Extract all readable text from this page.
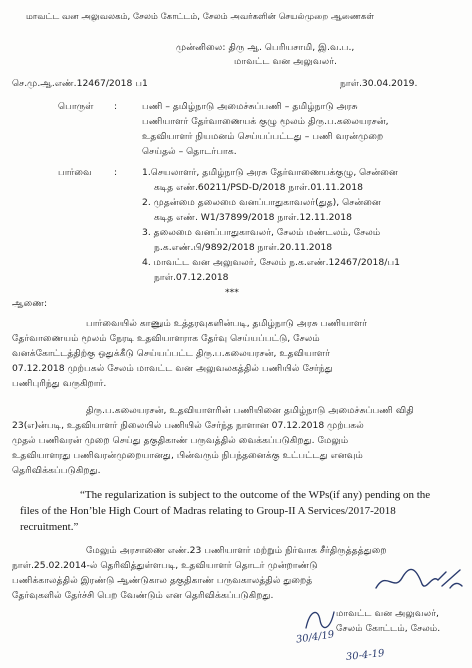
மாவட்ட வன அலுவலகம், சேலம் கோட்டம், சேலம் அவர்களின் செயல்முறை ஆணைகள்
முன்னிலை: திரு ஆ. பெரியசாமி, இ.வ.ப.,
மாவட்ட வன அலுவலர்.
செ.மு.ஆ.எண்.12467/2018 ப1	நாள்.30.04.2019.
பொருள் :	பணி – தமிழ்நாடு அமைச்சுப்பணி – தமிழ்நாடு அரசு
பணியாளர் தேர்வாணையக் குழு மூலம் திரு.ப.கலையரசன்,
உதவியாளர் நியமனம் செய்யப்பட்டது – பணி வரன்முறை
செய்தல் – தொடர்பாக.
பார்வை :	1.செயலாளர், தமிழ்நாடு அரசு தேர்வாணையக்குழு, சென்னை
கடித எண்.60211/PSD-D/2018 நாள்.01.11.2018
2. முதன்மை தலைமை வனப்பாதுகாவலர்(துத), சென்னை
கடித எண். W1/37899/2018 நாள்.12.11.2018
3. தலைமை வனப்பாதுகாவலர், சேலம் மண்டலம், சேலம்
ந.க.எண்.பி/9892/2018 நாள்.20.11.2018
4. மாவட்ட வன அலுவலர், சேலம் ந.க.எண்.12467/2018/ப1
நாள்.07.12.2018
***
ஆணை:
பார்வையில் காணும் உத்தரவுகளின்படி, தமிழ்நாடு அரசு பணியாளர்
தேர்வாணையம் மூலம் நேரடி உதவியாளராக தேர்வு செய்யப்பட்டு, சேலம்
வனக்கோட்டத்திற்கு ஒதுக்கீடு செய்யப்பட்ட திரு.ப.கலையரசன், உதவியாளர்
07.12.2018 முற்பகல் சேலம் மாவட்ட வன அலுவலகத்தில் பணியில் சேர்ந்து
பணிபுரிந்து வருகிறார்.
திரு.ப.கலையரசன், உதவியாளரின் பணியினை தமிழ்நாடு அமைச்சுப்பணி விதி
23(எ)ன்படி, உதவியாளர் நிலையில் பணியில் சேர்ந்த நாளான 07.12.2018 முற்பகல்
முதல் பணிவரன் முறை செய்து தகுதிகாண் பருவத்தில் வைக்கப்படுகிறது. மேலும்
உதவியாளரது பணிவரன்முறையானது, பின்வரும் நிபந்தனைக்கு உட்பட்டது எனவும்
தெரிவிக்கப்படுகிறது.
“The regularization is subject to the outcome of the WPs(if any) pending on the
files of the Hon’ble High Court of Madras relating to Group-II A Services/2017-2018
recruitment.”
மேலும் அரசாணை எண்.23 பணியாளர் மற்றும் நிர்வாக சீர்திருத்தத்துறை
நாள்.25.02.2014-ல் தெரிவித்துள்ளபடி, உதவியாளர் தொடர் முன்றாண்டு
பணிக்காலத்தில் இரண்டு ஆண்டுகால தகுதிகாண் பருவகாலத்தில் துறைத்
தேர்வுகளில் தேர்ச்சி பெற வேண்டும் என தெரிவிக்கப்படுகிறது.
மாவட்ட வன அலுவலர்,
சேலம் கோட்டம், சேலம்.
30/4/19
30-4-19
